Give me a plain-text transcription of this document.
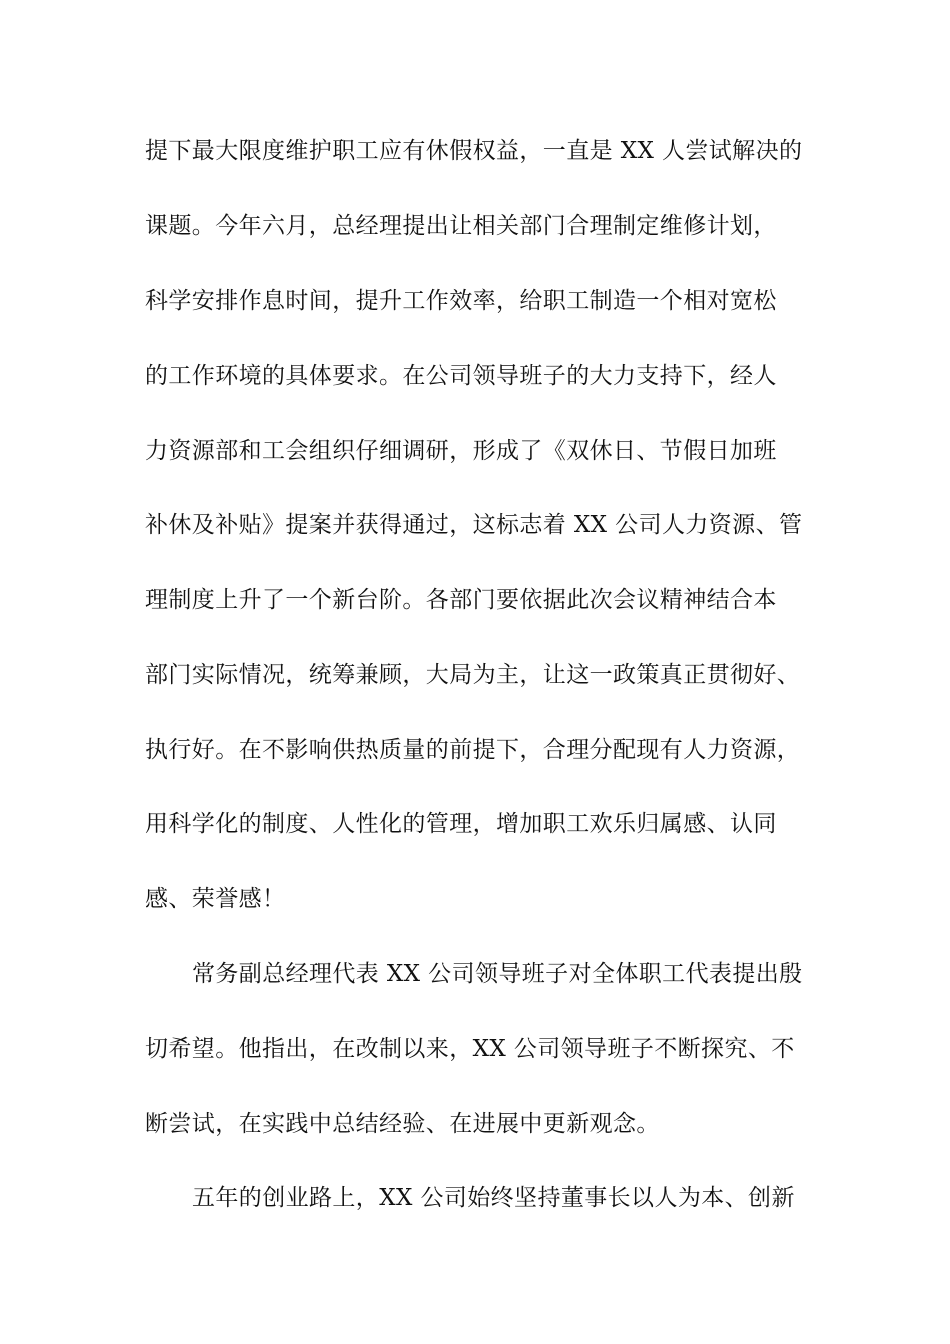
提下最大限度维护职工应有休假权益，一直是 XX 人尝试解决的
课题。今年六月，总经理提出让相关部门合理制定维修计划，
科学安排作息时间，提升工作效率，给职工制造一个相对宽松
的工作环境的具体要求。在公司领导班子的大力支持下，经人
力资源部和工会组织仔细调研，形成了《双休日、节假日加班
补休及补贴》提案并获得通过，这标志着 XX 公司人力资源、管
理制度上升了一个新台阶。各部门要依据此次会议精神结合本
部门实际情况，统筹兼顾，大局为主，让这一政策真正贯彻好、
执行好。在不影响供热质量的前提下，合理分配现有人力资源，
用科学化的制度、人性化的管理，增加职工欢乐归属感、认同
感、荣誉感！
常务副总经理代表 XX 公司领导班子对全体职工代表提出殷
切希望。他指出，在改制以来，XX 公司领导班子不断探究、不
断尝试，在实践中总结经验、在进展中更新观念。
五年的创业路上，XX 公司始终坚持董事长以人为本、创新
